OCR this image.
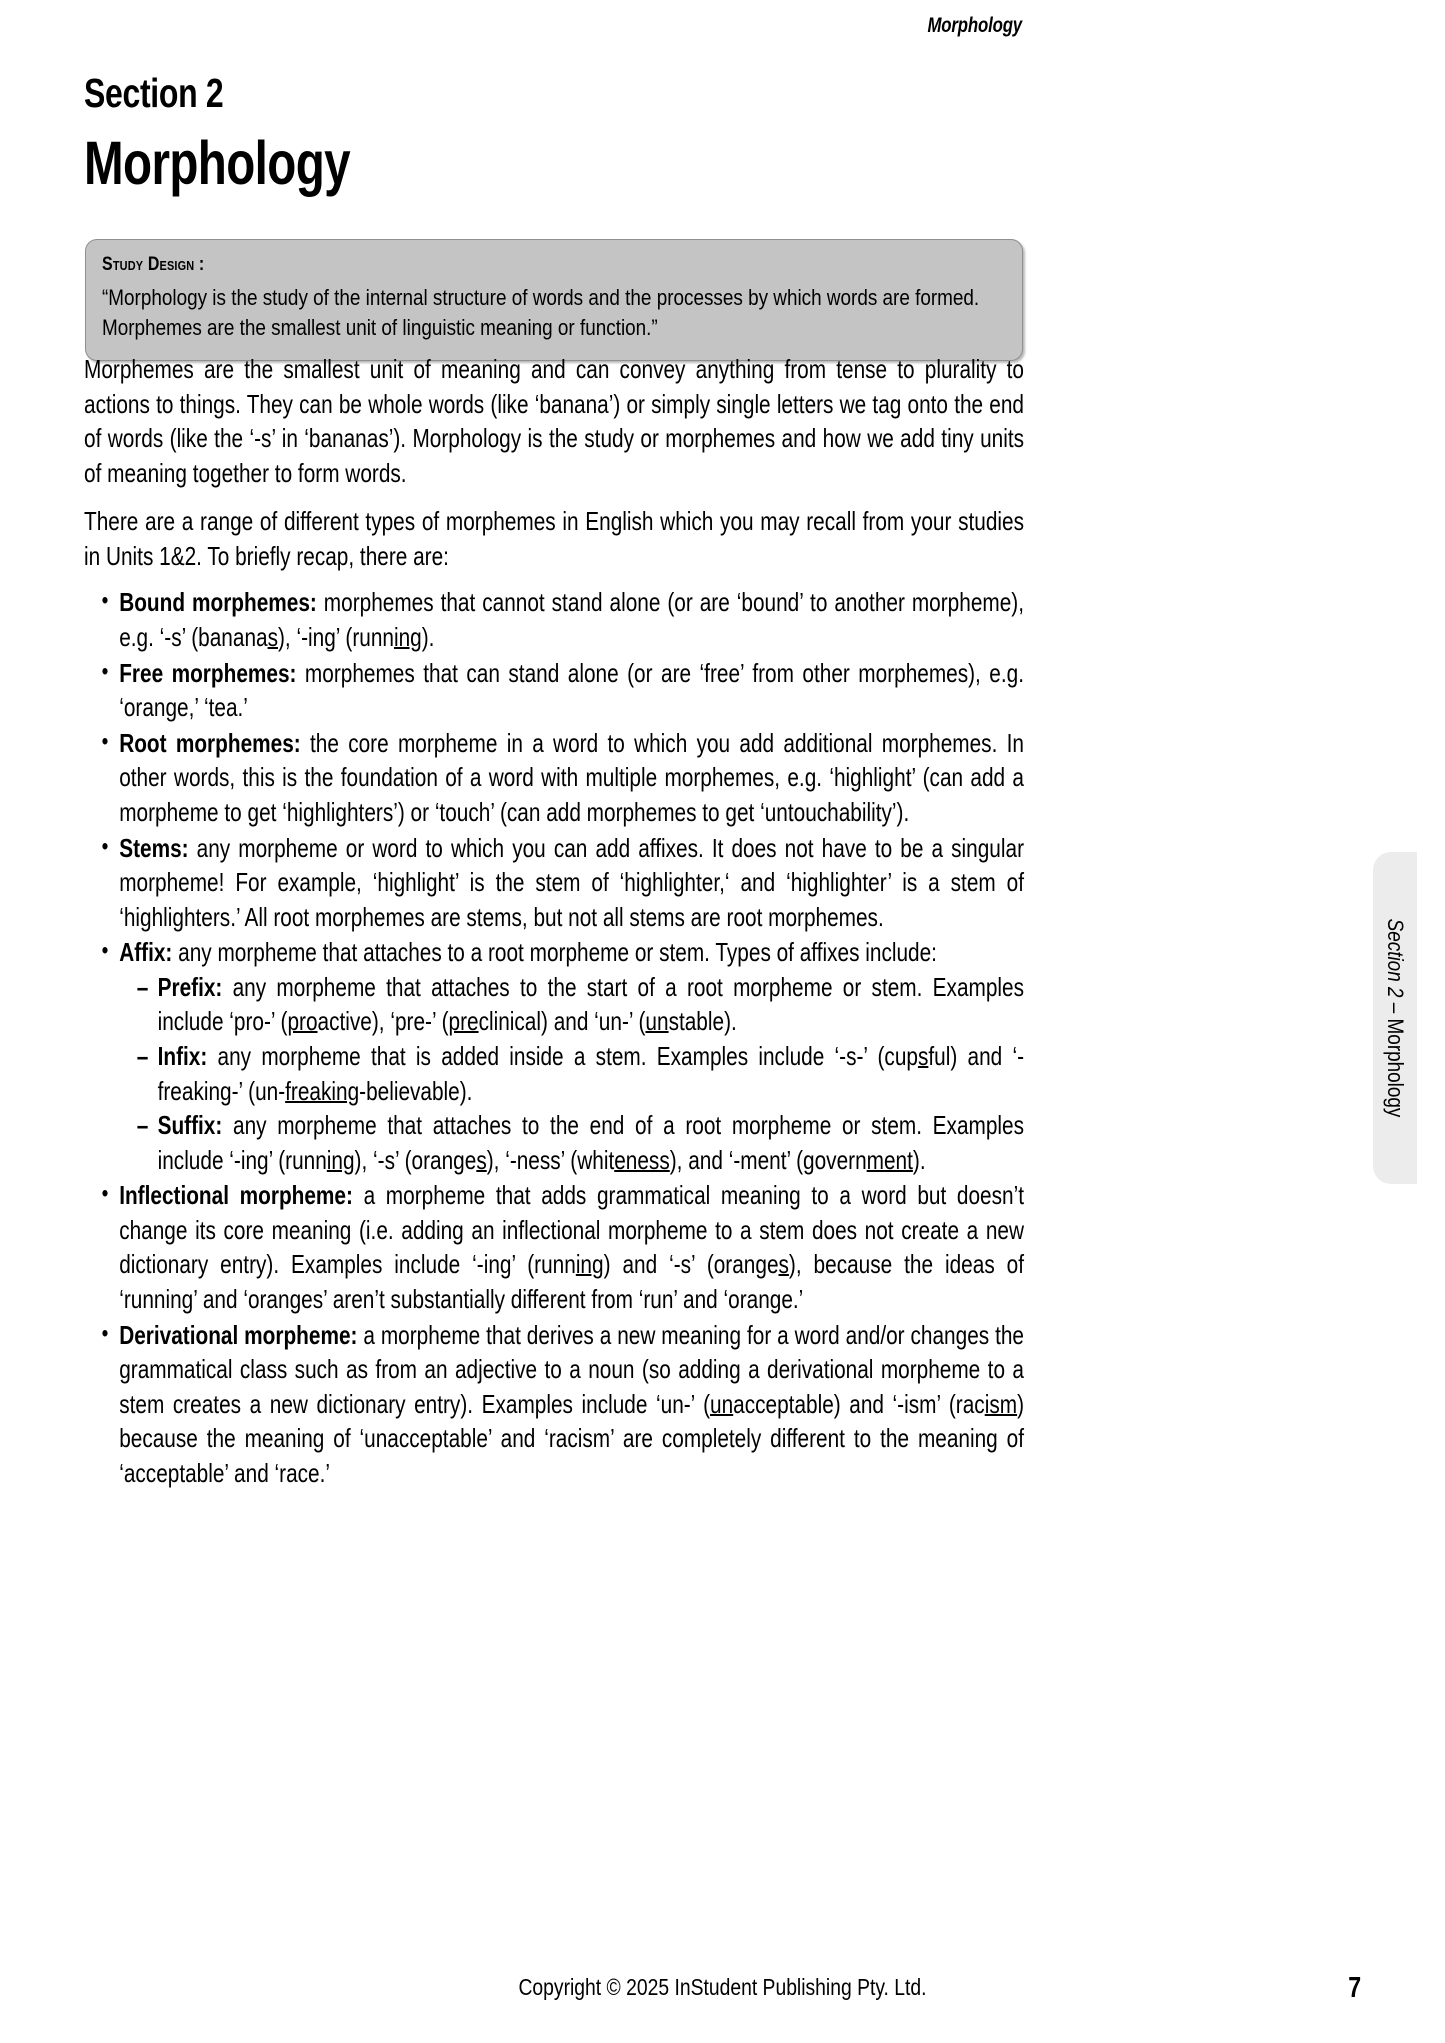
Morphology
Section 2
Morphology
Study Design :
“Morphology is the study of the internal structure of words and the processes by which words are formed.
Morphemes are the smallest unit of linguistic meaning or function.”

Morphemes are the smallest unit of meaning and can convey anything from tense to plurality to actions to things. They can be whole words (like ‘banana’) or simply single letters we tag onto the end of words (like the ‘-s’ in ‘bananas’). Morphology is the study or morphemes and how we add tiny units of meaning together to form words.

There are a range of different types of morphemes in English which you may recall from your studies in Units 1&2. To briefly recap, there are:

• Bound morphemes: morphemes that cannot stand alone (or are ‘bound’ to another morpheme), e.g. ‘-s’ (bananas), ‘-ing’ (running).
• Free morphemes: morphemes that can stand alone (or are ‘free’ from other morphemes), e.g. ‘orange,’ ‘tea.’
• Root morphemes: the core morpheme in a word to which you add additional morphemes. In other words, this is the foundation of a word with multiple morphemes, e.g. ‘highlight’ (can add a morpheme to get ‘highlighters’) or ‘touch’ (can add morphemes to get ‘untouchability’).
• Stems: any morpheme or word to which you can add affixes. It does not have to be a singular morpheme! For example, ‘highlight’ is the stem of ‘highlighter,‘ and ‘highlighter’ is a stem of ‘highlighters.’ All root morphemes are stems, but not all stems are root morphemes.
• Affix: any morpheme that attaches to a root morpheme or stem. Types of affixes include:
– Prefix: any morpheme that attaches to the start of a root morpheme or stem. Examples include ‘pro-’ (proactive), ‘pre-’ (preclinical) and ‘un-’ (unstable).
– Infix: any morpheme that is added inside a stem. Examples include ‘-s-’ (cupsful) and ‘-freaking-’ (un-freaking-believable).
– Suffix: any morpheme that attaches to the end of a root morpheme or stem. Examples include ‘-ing’ (running), ‘-s’ (oranges), ‘-ness’ (whiteness), and ‘-ment’ (government).
• Inflectional morpheme: a morpheme that adds grammatical meaning to a word but doesn’t change its core meaning (i.e. adding an inflectional morpheme to a stem does not create a new dictionary entry). Examples include ‘-ing’ (running) and ‘-s’ (oranges), because the ideas of ‘running’ and ‘oranges’ aren’t substantially different from ‘run’ and ‘orange.’
• Derivational morpheme: a morpheme that derives a new meaning for a word and/or changes the grammatical class such as from an adjective to a noun (so adding a derivational morpheme to a stem creates a new dictionary entry). Examples include ‘un-’ (unacceptable) and ‘-ism’ (racism) because the meaning of ‘unacceptable’ and ‘racism’ are completely different to the meaning of ‘acceptable’ and ‘race.’
Section 2 – Morphology
Copyright © 2025 InStudent Publishing Pty. Ltd.	7
